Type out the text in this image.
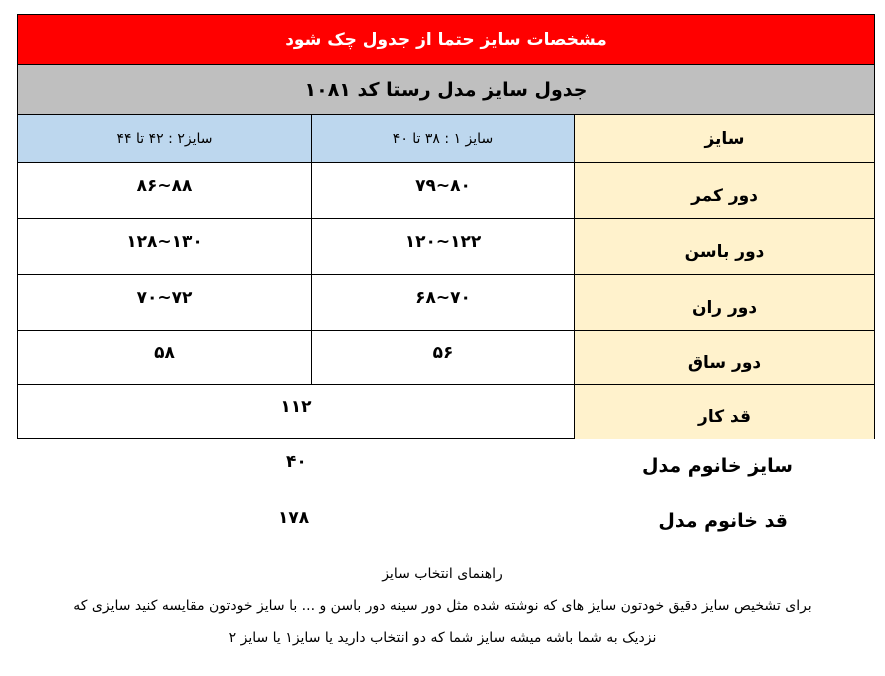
مشخصات سایز حتما از جدول چک شود
جدول سایز مدل رستا کد ۱۰۸۱
سایز
سایز ۱ : ۳۸ تا ۴۰
سایز۲ : ۴۲ تا ۴۴
دور کمر
۷۹~۸۰
۸۶~۸۸
دور باسن
۱۲۰~۱۲۲
۱۲۸~۱۳۰
دور ران
۶۸~۷۰
۷۰~۷۲
دور ساق
۵۶
۵۸
قد کار
۱۱۲
سایز خانوم مدل
۴۰
قد خانوم مدل
۱۷۸
راهنمای انتخاب سایز
برای تشخیص سایز دقیق خودتون سایز های که نوشته شده مثل دور سینه دور باسن و ... با سایز خودتون مقایسه کنید سایزی که
نزدیک به شما باشه میشه سایز شما که دو انتخاب دارید یا سایز۱ یا سایز ۲
